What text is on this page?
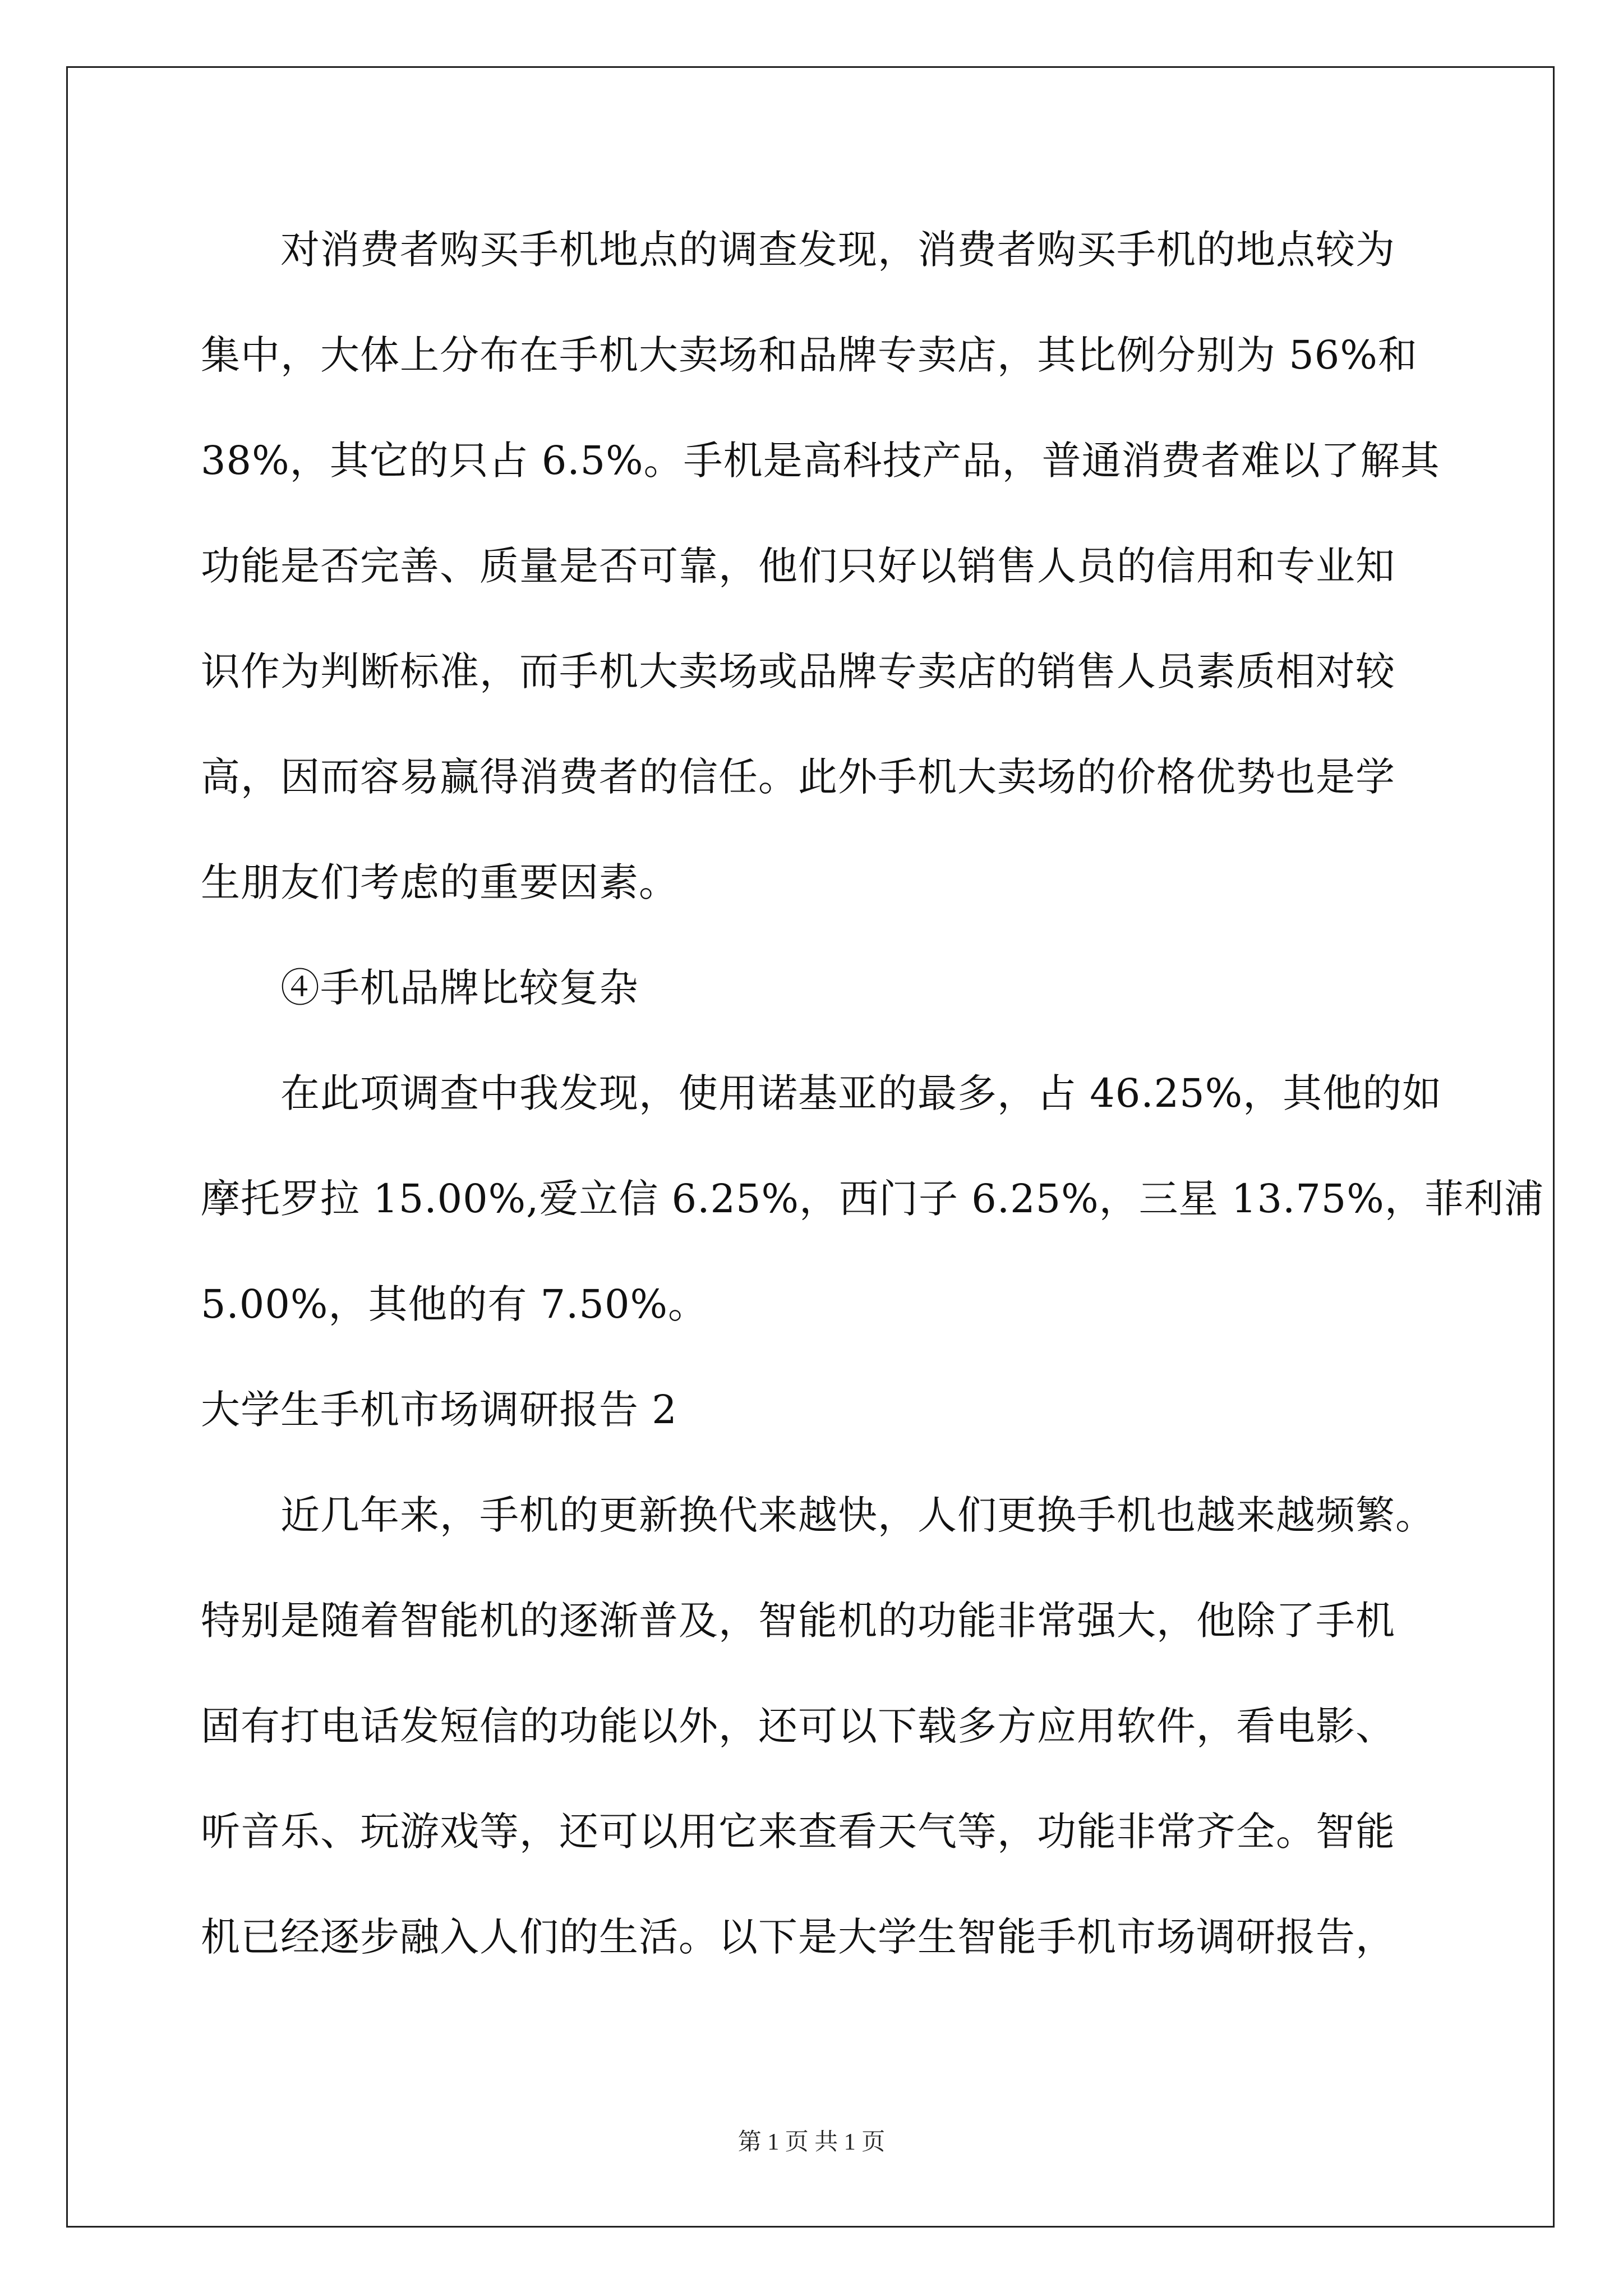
对消费者购买手机地点的调查发现，消费者购买手机的地点较为
集中，大体上分布在手机大卖场和品牌专卖店，其比例分别为 56%和
38%，其它的只占 6.5%。手机是高科技产品，普通消费者难以了解其
功能是否完善、质量是否可靠，他们只好以销售人员的信用和专业知
识作为判断标准，而手机大卖场或品牌专卖店的销售人员素质相对较
高，因而容易赢得消费者的信任。此外手机大卖场的价格优势也是学
生朋友们考虑的重要因素。
④手机品牌比较复杂
在此项调查中我发现，使用诺基亚的最多，占 46.25%，其他的如
摩托罗拉 15.00%,爱立信 6.25%，西门子 6.25%，三星 13.75%，菲利浦
5.00%，其他的有 7.50%。
大学生手机市场调研报告 2
近几年来，手机的更新换代来越快，人们更换手机也越来越频繁。
特别是随着智能机的逐渐普及，智能机的功能非常强大，他除了手机
固有打电话发短信的功能以外，还可以下载多方应用软件，看电影、
听音乐、玩游戏等，还可以用它来查看天气等，功能非常齐全。智能
机已经逐步融入人们的生活。以下是大学生智能手机市场调研报告，
第 1 页 共 1 页
